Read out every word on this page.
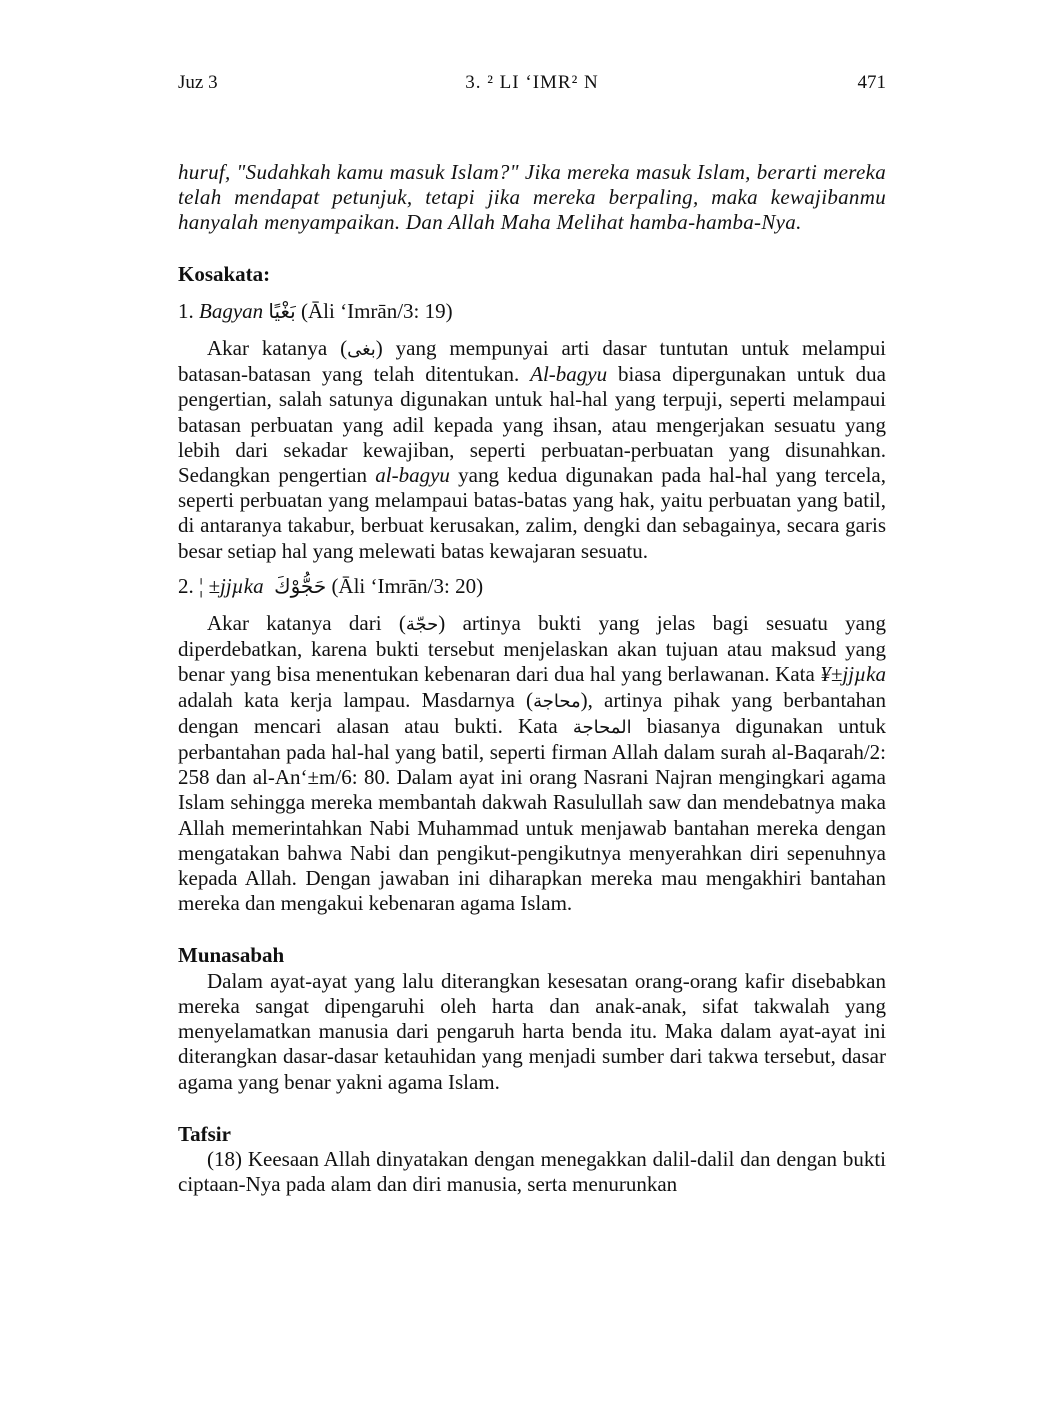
Juz 3	3. ² LI ‘IMR² N	471

huruf, "Sudahkah kamu masuk Islam?" Jika mereka masuk Islam, berarti mereka telah mendapat petunjuk, tetapi jika mereka berpaling, maka kewajibanmu hanyalah menyampaikan. Dan Allah Maha Melihat hamba-hamba-Nya.

Kosakata:

1. Bagyan بَغْيًا (Āli ‘Imrān/3: 19)

Akar katanya (بغى) yang mempunyai arti dasar tuntutan untuk melampui batasan-batasan yang telah ditentukan. Al-bagyu biasa dipergunakan untuk dua pengertian, salah satunya digunakan untuk hal-hal yang terpuji, seperti melampaui batasan perbuatan yang adil kepada yang ihsan, atau mengerjakan sesuatu yang lebih dari sekadar kewajiban, seperti perbuatan-perbuatan yang disunahkan. Sedangkan pengertian al-bagyu yang kedua digunakan pada hal-hal yang tercela, seperti perbuatan yang melampaui batas-batas yang hak, yaitu perbuatan yang batil, di antaranya takabur, berbuat kerusakan, zalim, dengki dan sebagainya, secara garis besar setiap hal yang melewati batas kewajaran sesuatu.

2. ¦ ±jjµka حَجُّوْكَ (Āli ‘Imrān/3: 20)

Akar katanya dari (حجّة) artinya bukti yang jelas bagi sesuatu yang diperdebatkan, karena bukti tersebut menjelaskan akan tujuan atau maksud yang benar yang bisa menentukan kebenaran dari dua hal yang berlawanan. Kata ¥±jjµka adalah kata kerja lampau. Masdarnya (محاجة), artinya pihak yang berbantahan dengan mencari alasan atau bukti. Kata المحاجة biasanya digunakan untuk perbantahan pada hal-hal yang batil, seperti firman Allah dalam surah al-Baqarah/2: 258 dan al-An‘±m/6: 80. Dalam ayat ini orang Nasrani Najran mengingkari agama Islam sehingga mereka membantah dakwah Rasulullah saw dan mendebatnya maka Allah memerintahkan Nabi Muhammad untuk menjawab bantahan mereka dengan mengatakan bahwa Nabi dan pengikut-pengikutnya menyerahkan diri sepenuhnya kepada Allah. Dengan jawaban ini diharapkan mereka mau mengakhiri bantahan mereka dan mengakui kebenaran agama Islam.

Munasabah

Dalam ayat-ayat yang lalu diterangkan kesesatan orang-orang kafir disebabkan mereka sangat dipengaruhi oleh harta dan anak-anak, sifat takwalah yang menyelamatkan manusia dari pengaruh harta benda itu. Maka dalam ayat-ayat ini diterangkan dasar-dasar ketauhidan yang menjadi sumber dari takwa tersebut, dasar agama yang benar yakni agama Islam.

Tafsir

(18) Keesaan Allah dinyatakan dengan menegakkan dalil-dalil dan dengan bukti ciptaan-Nya pada alam dan diri manusia, serta menurunkan
